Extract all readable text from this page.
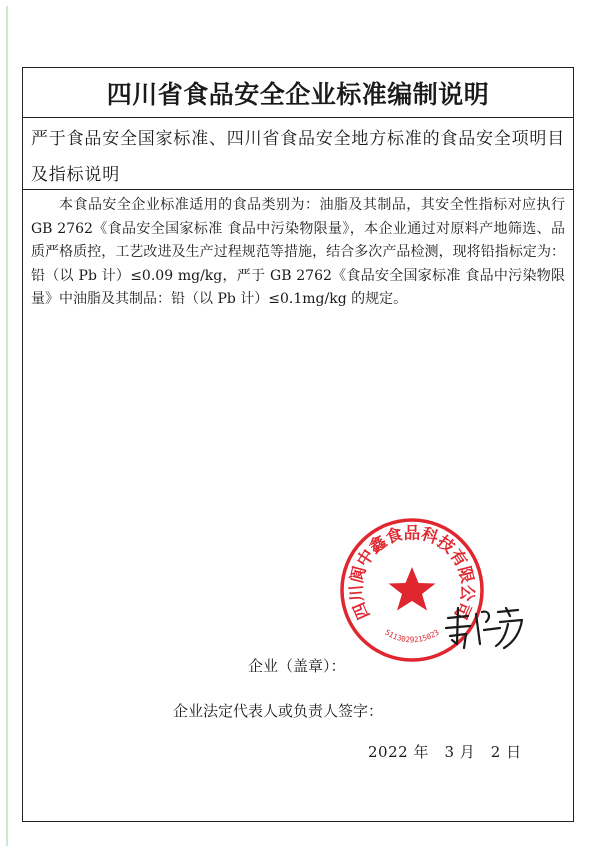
四川省食品安全企业标准编制说明
严于食品安全国家标准、四川省食品安全地方标准的食品安全项明目及指标说明

本食品安全企业标准适用的食品类别为：油脂及其制品，其安全性指标对应执行 GB 2762《食品安全国家标准 食品中污染物限量》，本企业通过对原料产地筛选、品质严格质控，工艺改进及生产过程规范等措施，结合多次产品检测，现将铅指标定为：铅（以 Pb 计）≤0.09 mg/kg，严于 GB 2762《食品安全国家标准 食品中污染物限量》中油脂及其制品：铅（以 Pb 计）≤0.1mg/kg 的规定。

企业（盖章）：
企业法定代表人或负责人签字：
2022 年　3 月　2 日
四川阆中鑫食品科技有限公司
5113029215023
